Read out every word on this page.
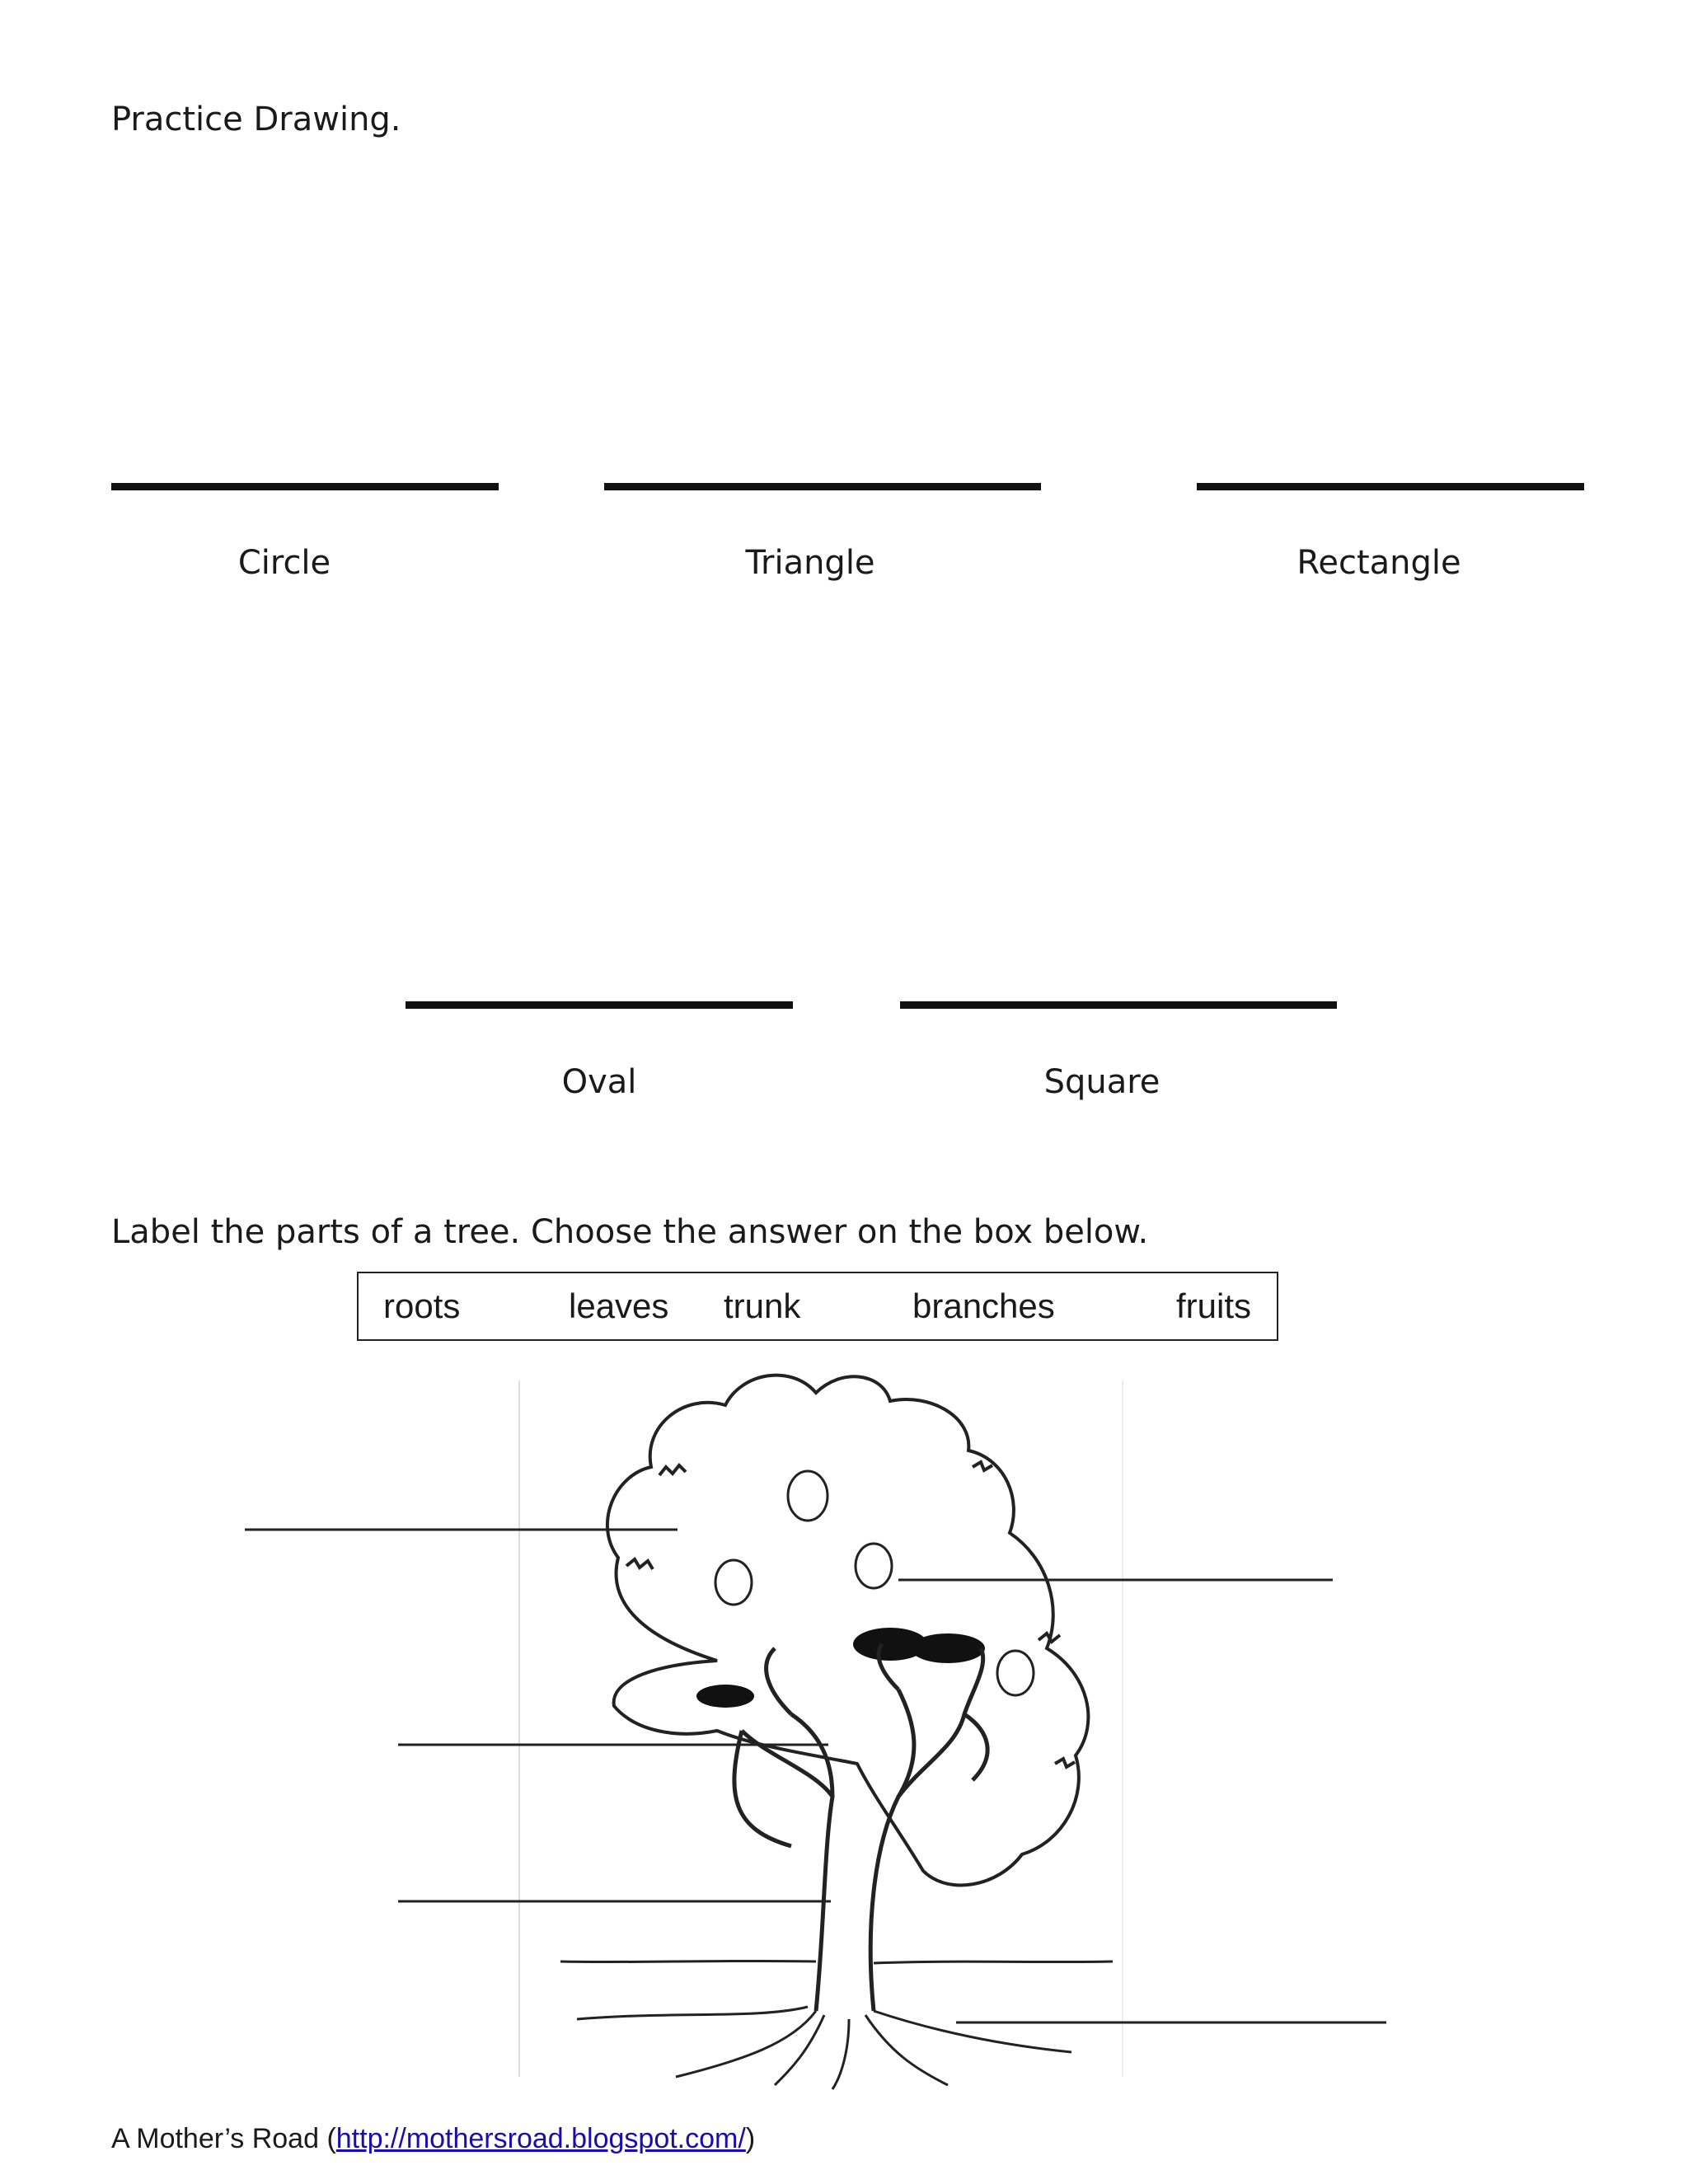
Practice Drawing.
Circle	Triangle	Rectangle
Oval	Square
Label the parts of a tree. Choose the answer on the box below.
roots	leaves trunk	branches	fruits
A Mother’s Road (http://mothersroad.blogspot.com/)
